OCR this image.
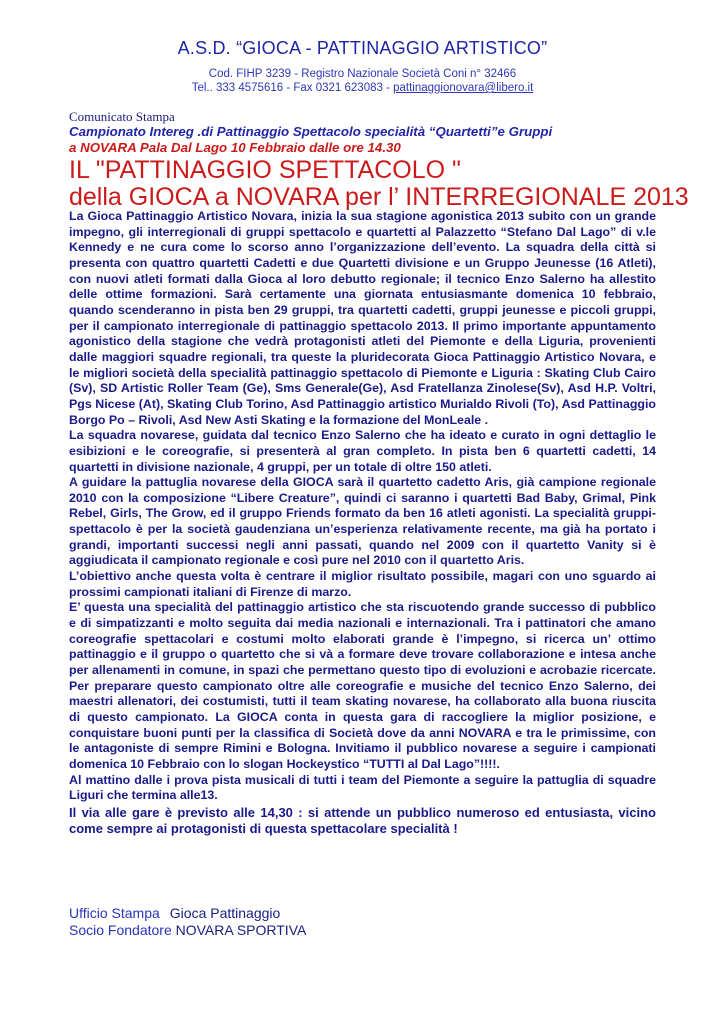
A.S.D. “GIOCA - PATTINAGGIO ARTISTICO”
Cod. FIHP 3239 - Registro Nazionale Società Coni n° 32466
Tel.. 333 4575616 - Fax 0321 623083 - pattinaggionovara@libero.it
Comunicato Stampa
Campionato Intereg .di Pattinaggio Spettacolo specialità “Quartetti”e Gruppi
a NOVARA Pala Dal Lago 10 Febbraio dalle ore 14.30
IL "PATTINAGGIO SPETTACOLO "
della GIOCA a NOVARA per l’ INTERREGIONALE 2013

La Gioca Pattinaggio Artistico Novara, inizia la sua stagione agonistica 2013 subito con un grande impegno, gli interregionali di gruppi spettacolo e quartetti al Palazzetto “Stefano Dal Lago” di v.le Kennedy e ne cura come lo scorso anno l’organizzazione dell’evento. La squadra della città si presenta con quattro quartetti Cadetti e due Quartetti divisione e un Gruppo Jeunesse (16 Atleti), con nuovi atleti formati dalla Gioca al loro debutto regionale; il tecnico Enzo Salerno ha allestito delle ottime formazioni. Sarà certamente una giornata entusiasmante domenica 10 febbraio, quando scenderanno in pista ben 29 gruppi, tra quartetti cadetti, gruppi jeunesse e piccoli gruppi, per il campionato interregionale di pattinaggio spettacolo 2013. Il primo importante appuntamento agonistico della stagione che vedrà protagonisti atleti del Piemonte e della Liguria, provenienti dalle maggiori squadre regionali, tra queste la pluridecorata Gioca Pattinaggio Artistico Novara, e le migliori società della specialità pattinaggio spettacolo di Piemonte e Liguria : Skating Club Cairo (Sv), SD Artistic Roller Team (Ge), Sms Generale(Ge), Asd Fratellanza Zinolese(Sv), Asd H.P. Voltri, Pgs Nicese (At), Skating Club Torino, Asd Pattinaggio artistico Murialdo Rivoli (To), Asd Pattinaggio Borgo Po – Rivoli, Asd New Asti Skating e la formazione del MonLeale .

La squadra novarese, guidata dal tecnico Enzo Salerno che ha ideato e curato in ogni dettaglio le esibizioni e le coreografie, si presenterà al gran completo. In pista ben 6 quartetti cadetti, 14 quartetti in divisione nazionale, 4 gruppi, per un totale di oltre 150 atleti.

A guidare la pattuglia novarese della GIOCA sarà il quartetto cadetto Aris, già campione regionale 2010 con la composizione “Libere Creature”, quindi ci saranno i quartetti Bad Baby, Grimal, Pink Rebel, Girls, The Grow, ed il gruppo Friends formato da ben 16 atleti agonisti. La specialità gruppi-spettacolo è per la società gaudenziana un’esperienza relativamente recente, ma già ha portato i grandi, importanti successi negli anni passati, quando nel 2009 con il quartetto Vanity si è aggiudicata il campionato regionale e così pure nel 2010 con il quartetto Aris.

L’obiettivo anche questa volta è centrare il miglior risultato possibile, magari con uno sguardo ai prossimi campionati italiani di Firenze di marzo.

E’ questa una specialità del pattinaggio artistico che sta riscuotendo grande successo di pubblico e di simpatizzanti e molto seguita dai media nazionali e internazionali. Tra i pattinatori che amano coreografie spettacolari e costumi molto elaborati grande è l’impegno, si ricerca un’ ottimo pattinaggio e il gruppo o quartetto che si và a formare deve trovare collaborazione e intesa anche per allenamenti in comune, in spazi che permettano questo tipo di evoluzioni e acrobazie ricercate. Per preparare questo campionato oltre alle coreografie e musiche del tecnico Enzo Salerno, dei maestri allenatori, dei costumisti, tutti il team skating novarese, ha collaborato alla buona riuscita di questo campionato. La GIOCA conta in questa gara di raccogliere la miglior posizione, e conquistare buoni punti per la classifica di Società dove da anni NOVARA e tra le primissime, con le antagoniste di sempre Rimini e Bologna. Invitiamo il pubblico novarese a seguire i campionati domenica 10 Febbraio con lo slogan Hockeystico “TUTTI al Dal Lago”!!!!.

Al mattino dalle i prova pista musicali di tutti i team del Piemonte a seguire la pattuglia di squadre Liguri che termina alle13.

Il via alle gare è previsto alle 14,30 : si attende un pubblico numeroso ed entusiasta, vicino come sempre ai protagonisti di questa spettacolare specialità !

Ufficio Stampa Gioca Pattinaggio
Socio Fondatore NOVARA SPORTIVA
